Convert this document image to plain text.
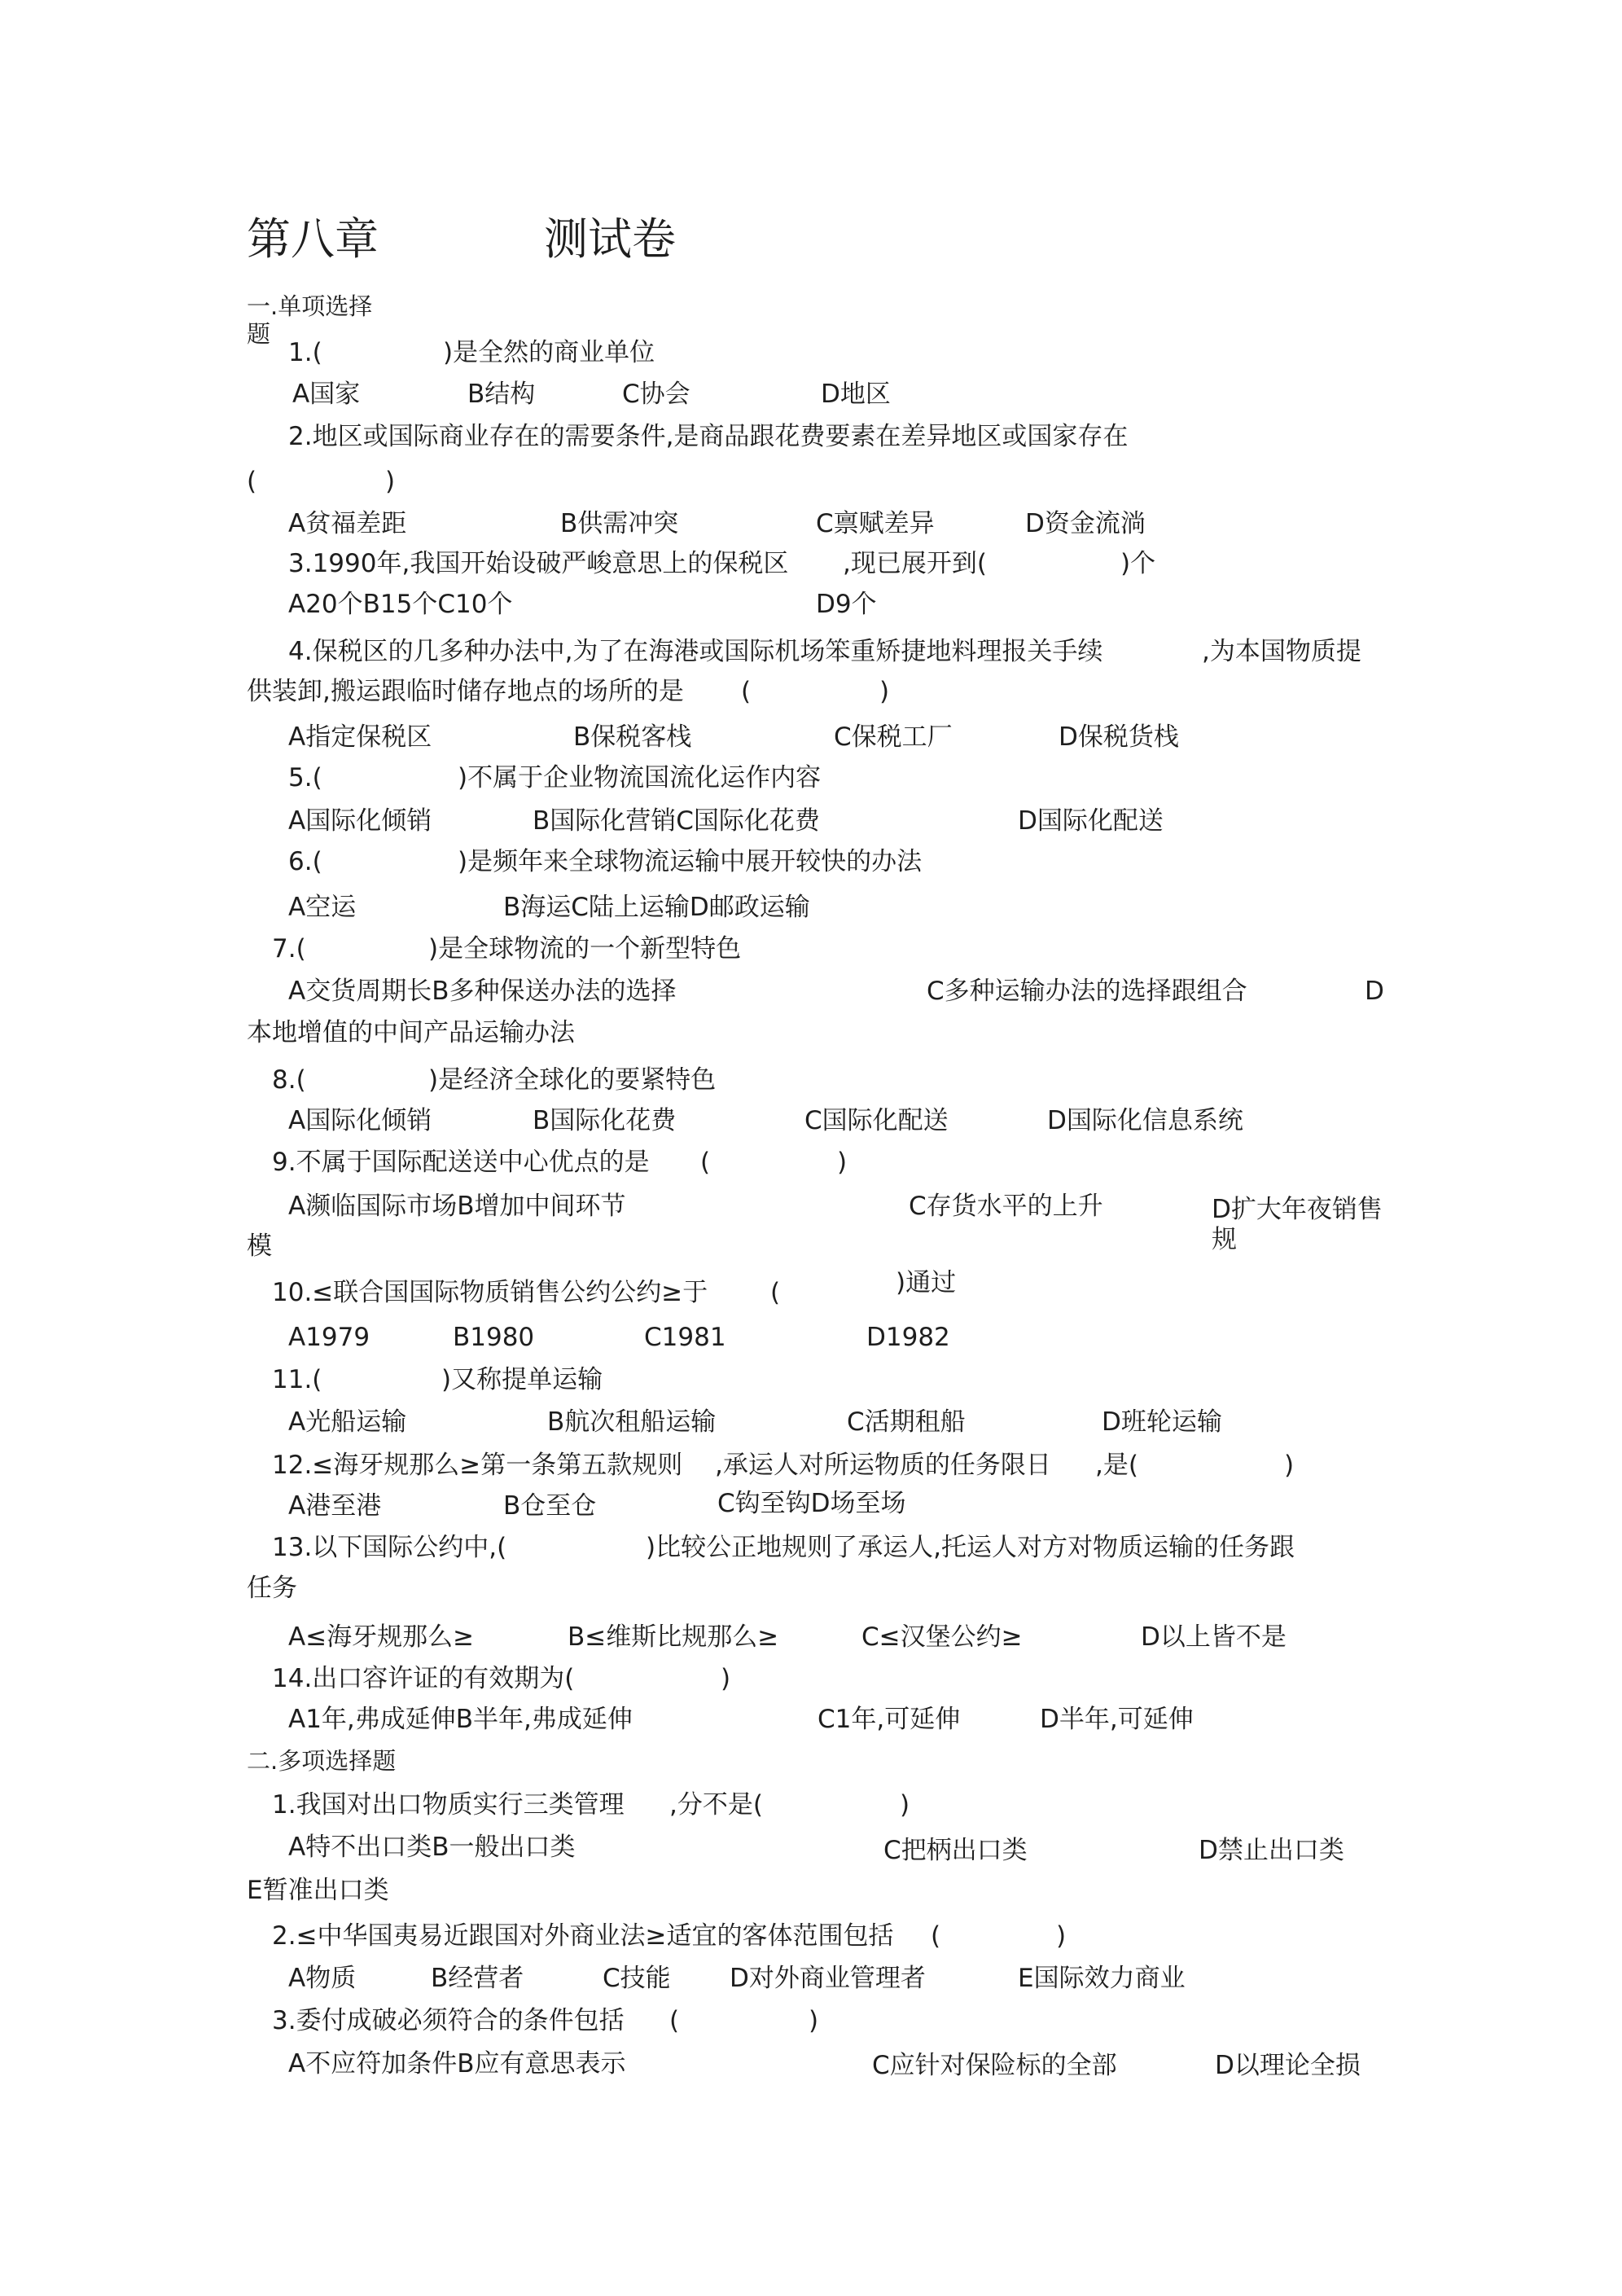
第八章	测试卷
一.单项选择
题
1.(	)是全然的商业单位
A国家	B结构	C协会	D地区
2.地区或国际商业存在的需要条件,是商品跟花费要素在差异地区或国家存在
(	)
A贫福差距	B供需冲突	C禀赋差异	D资金流淌
3.1990年,我国开始设破严峻意思上的保税区 ,现已展开到(	)个
A20个B15个C10个	D9个
4.保税区的几多种办法中,为了在海港或国际机场笨重矫捷地料理报关手续	,为本国物质提
供装卸,搬运跟临时储存地点的场所的是 (	)
A指定保税区	B保税客栈	C保税工厂	D保税货栈
5.(	)不属于企业物流国流化运作内容
A国际化倾销	B国际化营销C国际化花费	D国际化配送
6.(	)是频年来全球物流运输中展开较快的办法
A空运	B海运C陆上运输D邮政运输
7.(	)是全球物流的一个新型特色
A交货周期长B多种保送办法的选择	C多种运输办法的选择跟组合	D
本地增值的中间产品运输办法
8.(	)是经济全球化的要紧特色
A国际化倾销	B国际化花费	C国际化配送	D国际化信息系统
9.不属于国际配送送中心优点的是 (	)
A濒临国际市场B增加中间环节	C存货水平的上升	D扩大年夜销售
规
模
10.≤联合国国际物质销售公约公约≥于 (	)通过
A1979	B1980	C1981	D1982
11.(	)又称提单运输
A光船运输	B航次租船运输	C活期租船	D班轮运输
12.≤海牙规那么≥第一条第五款规则 ,承运人对所运物质的任务限日 ,是(	)
A港至港	B仓至仓	C钩至钩D场至场
13.以下国际公约中,(	)比较公正地规则了承运人,托运人对方对物质运输的任务跟
任务
A≤海牙规那么≥	B≤维斯比规那么≥	C≤汉堡公约≥	D以上皆不是
14.出口容许证的有效期为(	)
A1年,弗成延伸B半年,弗成延伸	C1年,可延伸	D半年,可延伸
二.多项选择题
1.我国对出口物质实行三类管理 ,分不是(	)
A特不出口类B一般出口类	C把柄出口类	D禁止出口类
E暂准出口类
2.≤中华国夷易近跟国对外商业法≥适宜的客体范围包括 (	)
A物质	B经营者	C技能 D对外商业管理者	E国际效力商业
3.委付成破必须符合的条件包括 (	)
A不应符加条件B应有意思表示	C应针对保险标的全部	D以理论全损
